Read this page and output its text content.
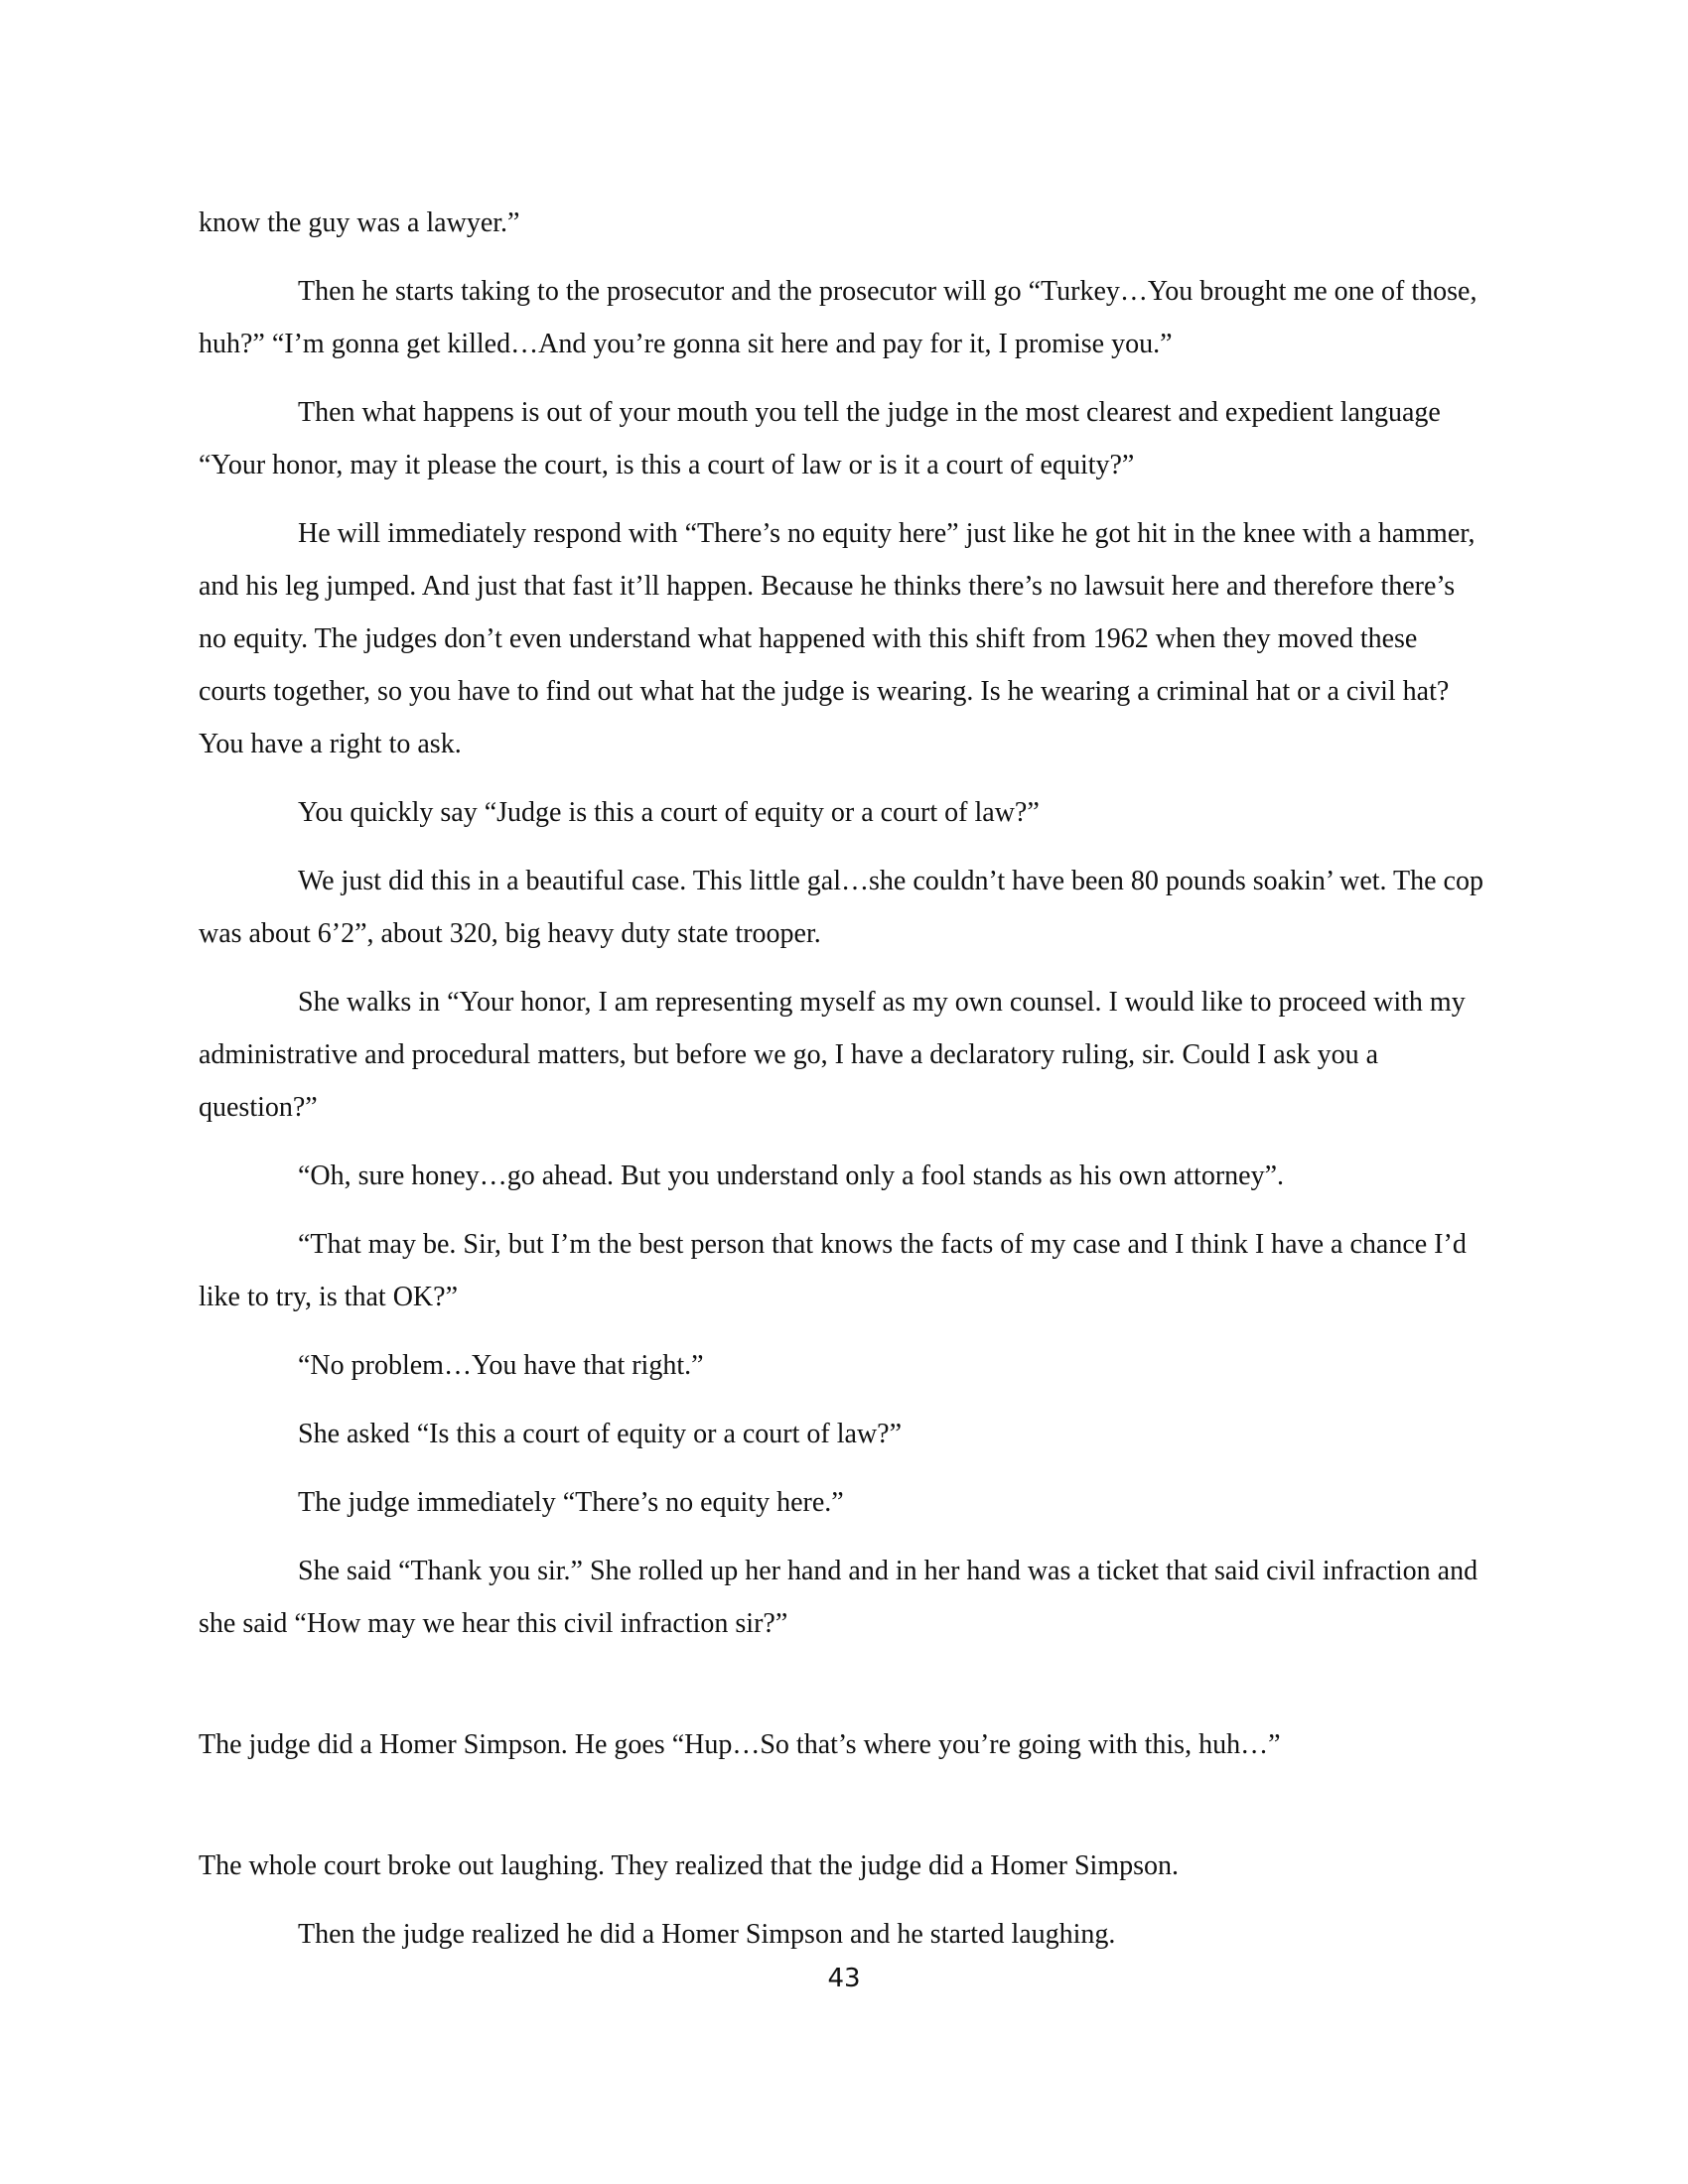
know the guy was a lawyer.”

Then he starts taking to the prosecutor and the prosecutor will go “Turkey…You brought me one of those, huh?” “I’m gonna get killed…And you’re gonna sit here and pay for it, I promise you.”

Then what happens is out of your mouth you tell the judge in the most clearest and expedient language “Your honor, may it please the court, is this a court of law or is it a court of equity?”

He will immediately respond with “There’s no equity here” just like he got hit in the knee with a hammer, and his leg jumped. And just that fast it’ll happen. Because he thinks there’s no lawsuit here and therefore there’s no equity. The judges don’t even understand what happened with this shift from 1962 when they moved these courts together, so you have to find out what hat the judge is wearing. Is he wearing a criminal hat or a civil hat? You have a right to ask.

You quickly say “Judge is this a court of equity or a court of law?”

We just did this in a beautiful case. This little gal…she couldn’t have been 80 pounds soakin’ wet. The cop was about 6’2”, about 320, big heavy duty state trooper.

She walks in “Your honor, I am representing myself as my own counsel. I would like to proceed with my administrative and procedural matters, but before we go, I have a declaratory ruling, sir. Could I ask you a question?”

“Oh, sure honey…go ahead. But you understand only a fool stands as his own attorney”.

“That may be. Sir, but I’m the best person that knows the facts of my case and I think I have a chance I’d like to try, is that OK?”

“No problem…You have that right.”

She asked “Is this a court of equity or a court of law?”

The judge immediately “There’s no equity here.”

She said “Thank you sir.” She rolled up her hand and in her hand was a ticket that said civil infraction and she said “How may we hear this civil infraction sir?”

The judge did a Homer Simpson. He goes “Hup…So that’s where you’re going with this, huh…”

The whole court broke out laughing. They realized that the judge did a Homer Simpson.

Then the judge realized he did a Homer Simpson and he started laughing.

43
